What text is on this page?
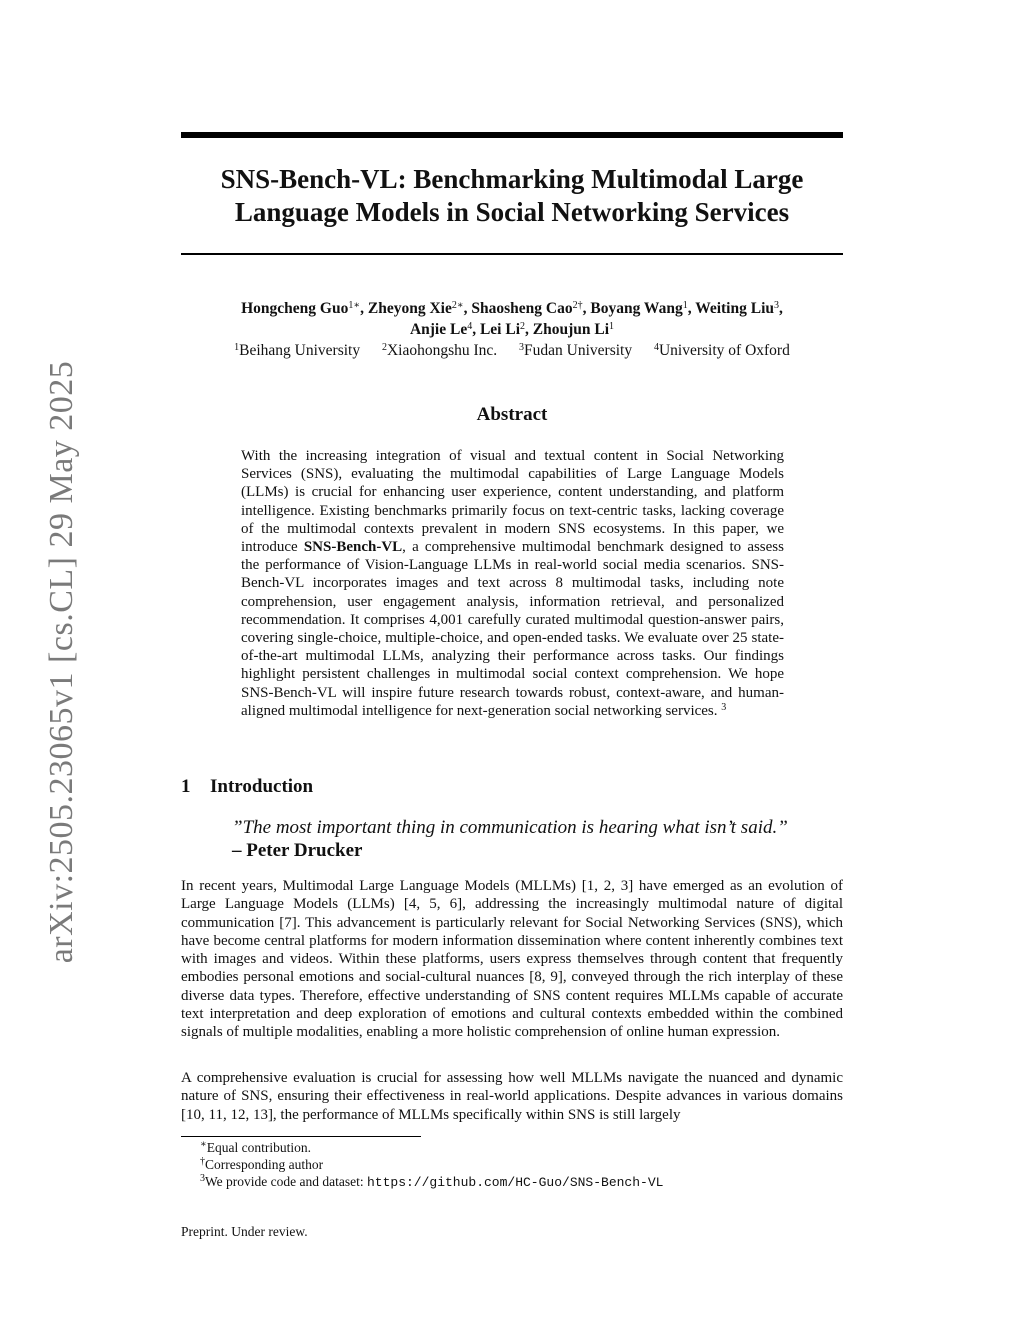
arXiv:2505.23065v1 [cs.CL] 29 May 2025
SNS-Bench-VL: Benchmarking Multimodal Large
Language Models in Social Networking Services
Hongcheng Guo$^{1∗}$, Zheyong Xie$^{2∗}$, Shaosheng Cao$^{2\dagger}$, Boyang Wang$^1$, Weiting Liu$^3$,
Anjie Le$^4$, Lei Li$^2$, Zhoujun Li$^1$
$^1$Beihang University $^2$Xiaohongshu Inc. $^3$Fudan University $^4$University of Oxford
Abstract
With the increasing integration of visual and textual content in Social Networking Services (SNS), evaluating the multimodal capabilities of Large Language Models (LLMs) is crucial for enhancing user experience, content understanding, and platform intelligence. Existing benchmarks primarily focus on text-centric tasks, lacking coverage of the multimodal contexts prevalent in modern SNS ecosystems. In this paper, we introduce SNS-Bench-VL, a comprehensive multimodal benchmark designed to assess the performance of Vision-Language LLMs in real-world social media scenarios. SNS-Bench-VL incorporates images and text across 8 multimodal tasks, including note comprehension, user engagement analysis, information retrieval, and personalized recommendation. It comprises 4,001 carefully curated multimodal question-answer pairs, covering single-choice, multiple-choice, and open-ended tasks. We evaluate over 25 state-of-the-art multimodal LLMs, analyzing their performance across tasks. Our findings highlight persistent challenges in multimodal social context comprehension. We hope SNS-Bench-VL will inspire future research towards robust, context-aware, and human-aligned multimodal intelligence for next-generation social networking services. $^3$
1 Introduction
”The most important thing in communication is hearing what isn’t said.” – Peter Drucker
In recent years, Multimodal Large Language Models (MLLMs) [1, 2, 3] have emerged as an evolution of Large Language Models (LLMs) [4, 5, 6], addressing the increasingly multimodal nature of digital communication [7]. This advancement is particularly relevant for Social Networking Services (SNS), which have become central platforms for modern information dissemination where content inherently combines text with images and videos. Within these platforms, users express themselves through content that frequently embodies personal emotions and social-cultural nuances [8, 9], conveyed through the rich interplay of these diverse data types. Therefore, effective understanding of SNS content requires MLLMs capable of accurate text interpretation and deep exploration of emotions and cultural contexts embedded within the combined signals of multiple modalities, enabling a more holistic comprehension of online human expression.
A comprehensive evaluation is crucial for assessing how well MLLMs navigate the nuanced and dynamic nature of SNS, ensuring their effectiveness in real-world applications. Despite advances in various domains [10, 11, 12, 13], the performance of MLLMs specifically within SNS is still largely
∗Equal contribution.
†Corresponding author
$^3$We provide code and dataset: https://github.com/HC-Guo/SNS-Bench-VL
Preprint. Under review.
